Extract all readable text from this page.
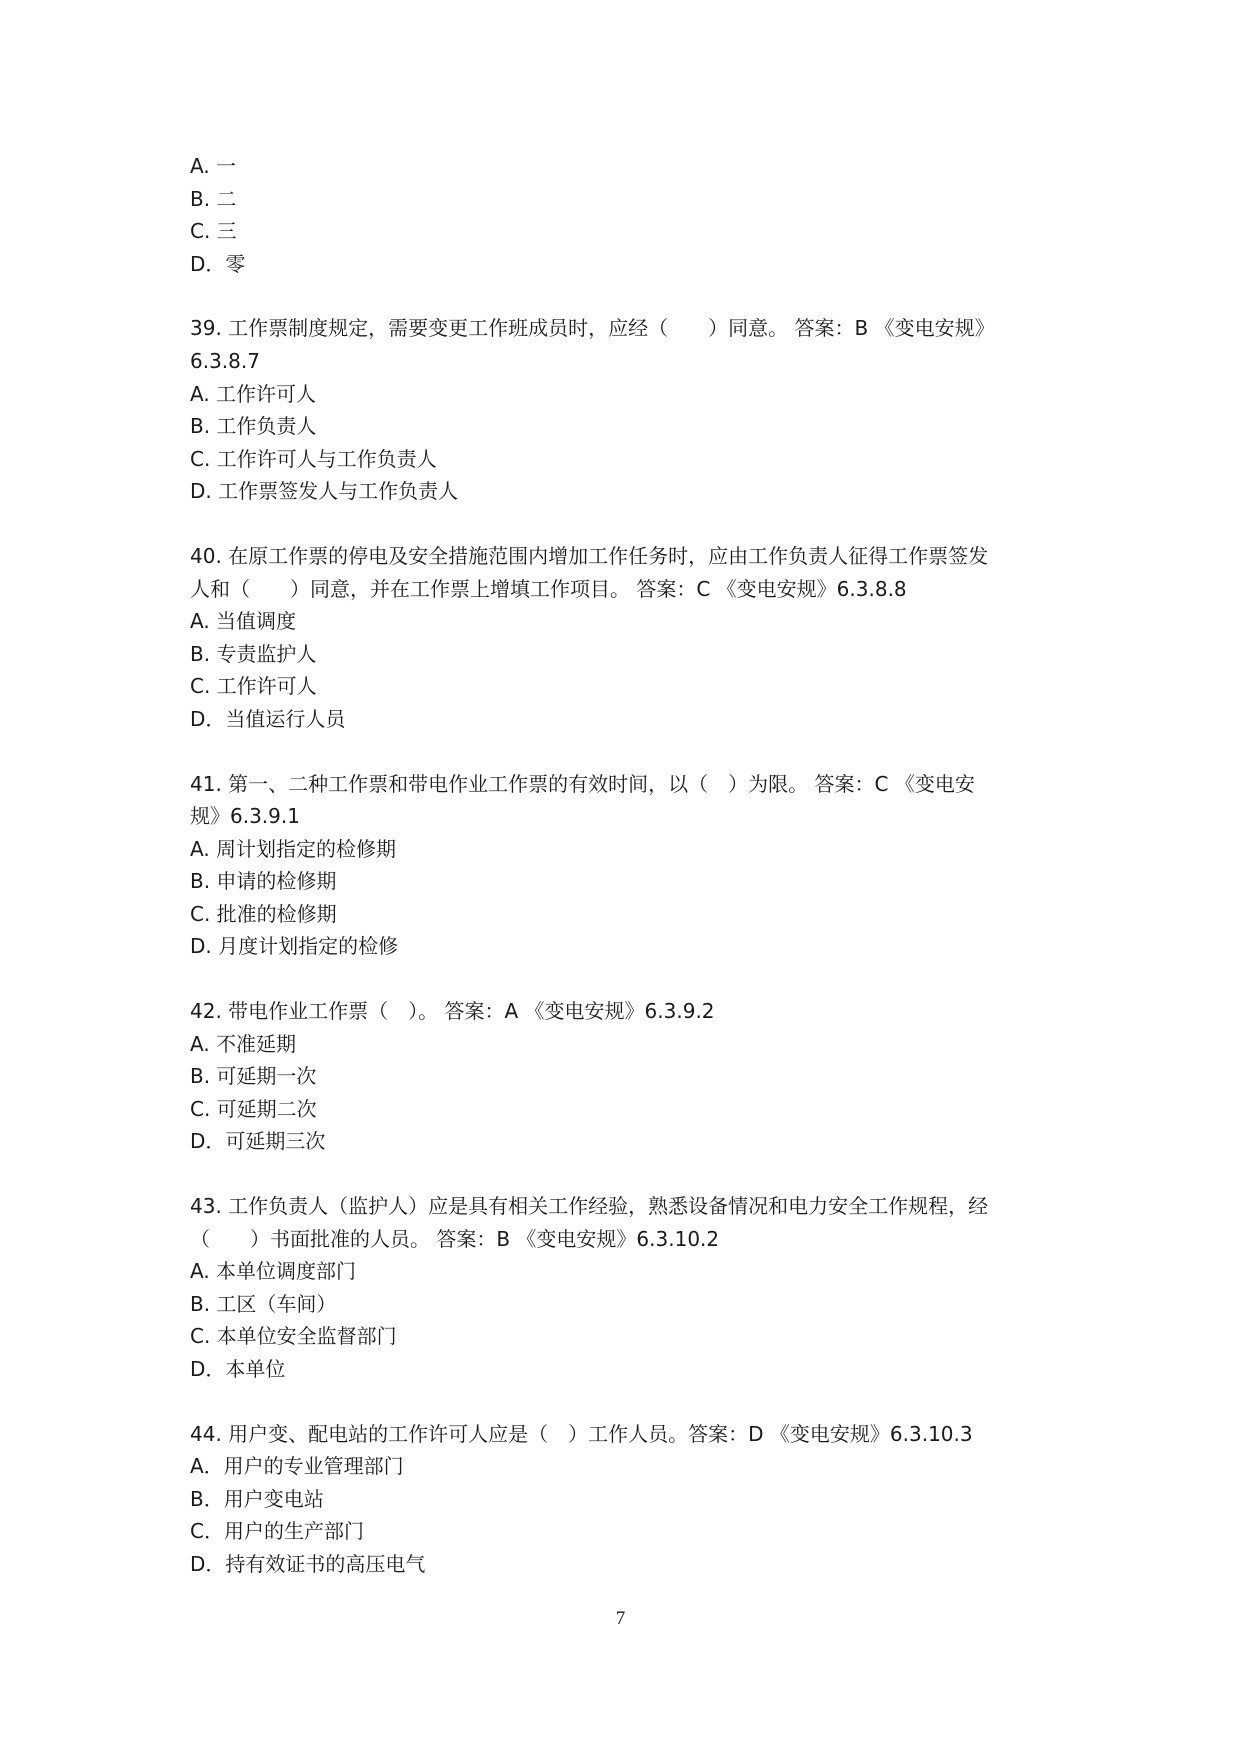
A. 一
B. 二
C. 三
D．零
39. 工作票制度规定，需要变更工作班成员时，应经（　　）同意。 答案：B 《变电安规》
6.3.8.7
A. 工作许可人
B. 工作负责人
C. 工作许可人与工作负责人
D. 工作票签发人与工作负责人
40. 在原工作票的停电及安全措施范围内增加工作任务时，应由工作负责人征得工作票签发
人和（　　）同意，并在工作票上增填工作项目。 答案：C 《变电安规》6.3.8.8
A. 当值调度
B. 专责监护人
C. 工作许可人
D．当值运行人员
41. 第一、二种工作票和带电作业工作票的有效时间，以（　）为限。 答案：C 《变电安
规》6.3.9.1
A. 周计划指定的检修期
B. 申请的检修期
C. 批准的检修期
D. 月度计划指定的检修
42. 带电作业工作票（　）。 答案：A 《变电安规》6.3.9.2
A. 不准延期
B. 可延期一次
C. 可延期二次
D．可延期三次
43. 工作负责人（监护人）应是具有相关工作经验，熟悉设备情况和电力安全工作规程，经
（　　）书面批准的人员。 答案：B 《变电安规》6.3.10.2
A. 本单位调度部门
B. 工区（车间）
C. 本单位安全监督部门
D．本单位
44. 用户变、配电站的工作许可人应是（　）工作人员。答案：D 《变电安规》6.3.10.3
A．用户的专业管理部门
B．用户变电站
C．用户的生产部门
D．持有效证书的高压电气
7
